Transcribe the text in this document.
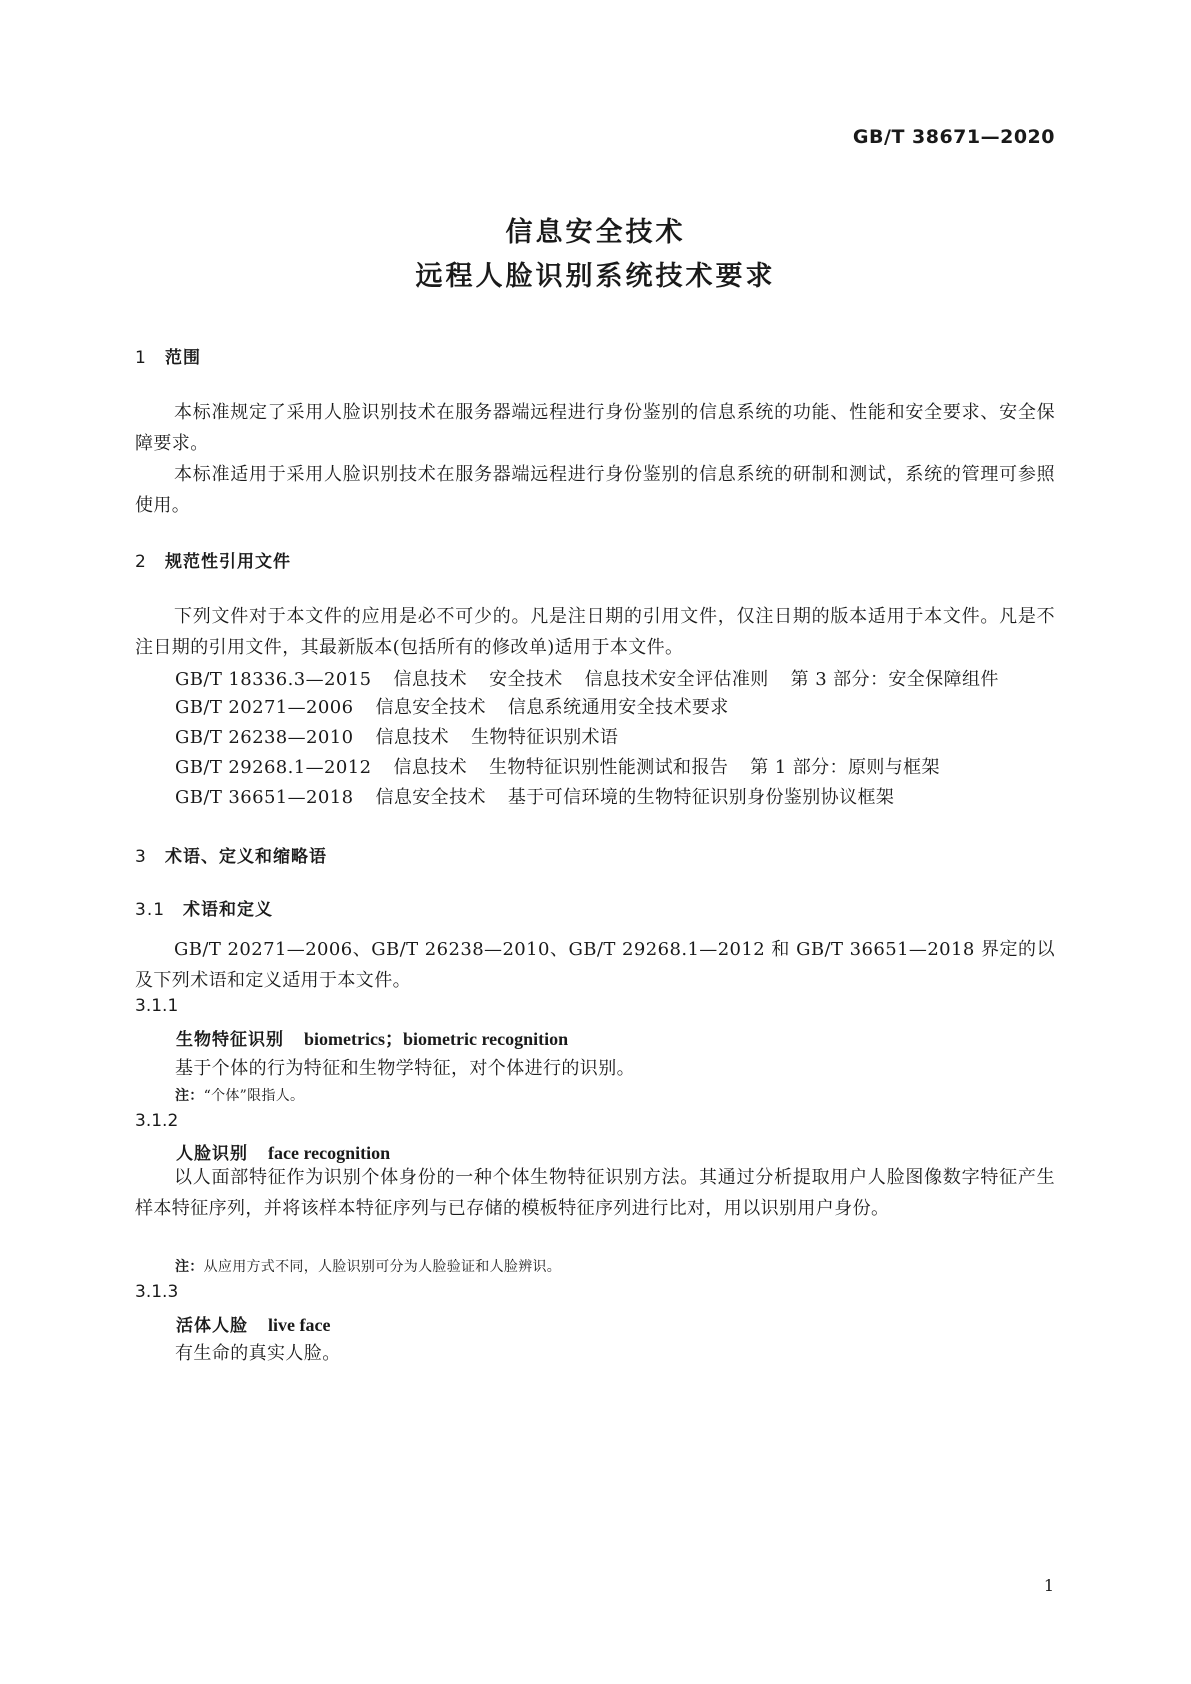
GB/T 38671—2020
信息安全技术
远程人脸识别系统技术要求
1 范围
本标准规定了采用人脸识别技术在服务器端远程进行身份鉴别的信息系统的功能、性能和安全要求、安全保障要求。
本标准适用于采用人脸识别技术在服务器端远程进行身份鉴别的信息系统的研制和测试，系统的管理可参照使用。
2 规范性引用文件
下列文件对于本文件的应用是必不可少的。凡是注日期的引用文件，仅注日期的版本适用于本文件。凡是不注日期的引用文件，其最新版本(包括所有的修改单)适用于本文件。
GB/T 18336.3—2015 信息技术 安全技术 信息技术安全评估准则 第 3 部分：安全保障组件
GB/T 20271—2006 信息安全技术 信息系统通用安全技术要求
GB/T 26238—2010 信息技术 生物特征识别术语
GB/T 29268.1—2012 信息技术 生物特征识别性能测试和报告 第 1 部分：原则与框架
GB/T 36651—2018 信息安全技术 基于可信环境的生物特征识别身份鉴别协议框架
3 术语、定义和缩略语
3.1 术语和定义
GB/T 20271—2006、GB/T 26238—2010、GB/T 29268.1—2012 和 GB/T 36651—2018 界定的以及下列术语和定义适用于本文件。
3.1.1
生物特征识别 biometrics；biometric recognition
基于个体的行为特征和生物学特征，对个体进行的识别。
注：“个体”限指人。
3.1.2
人脸识别 face recognition
以人面部特征作为识别个体身份的一种个体生物特征识别方法。其通过分析提取用户人脸图像数字特征产生样本特征序列，并将该样本特征序列与已存储的模板特征序列进行比对，用以识别用户身份。
注：从应用方式不同，人脸识别可分为人脸验证和人脸辨识。
3.1.3
活体人脸 live face
有生命的真实人脸。
1
